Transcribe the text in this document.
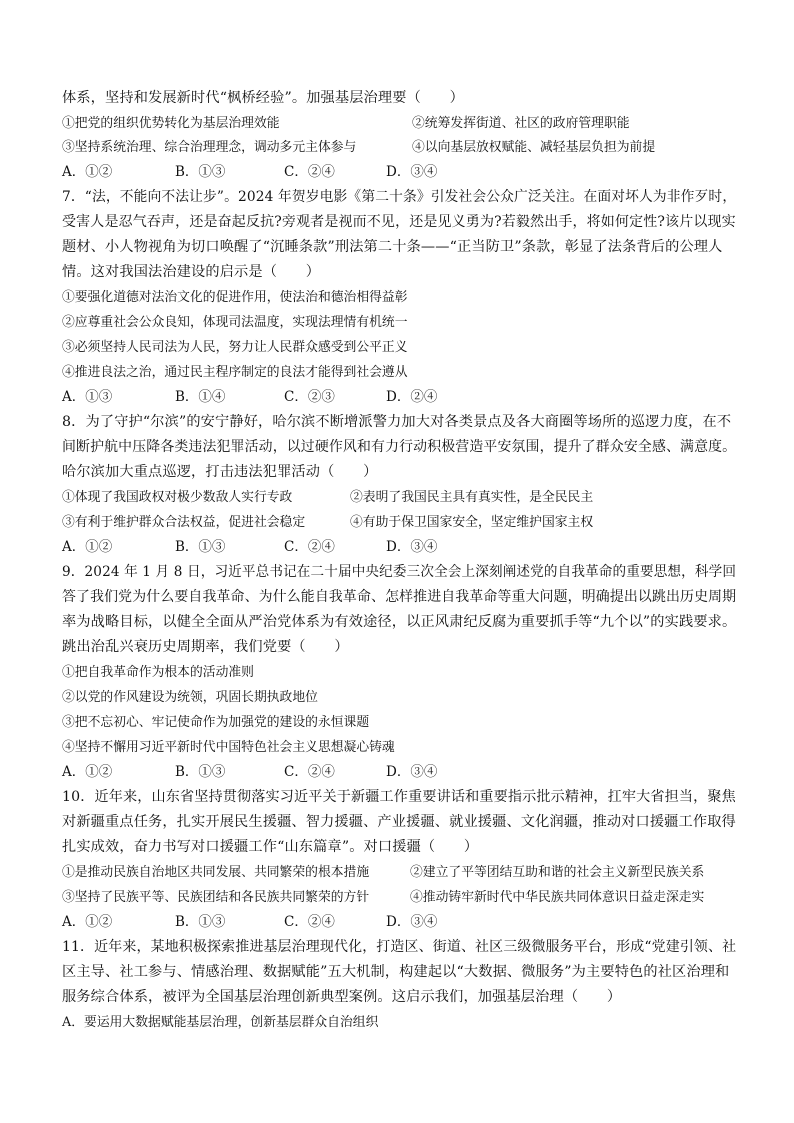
体系，坚持和发展新时代“枫桥经验”。加强基层治理要（　　）
①把党的组织优势转化为基层治理效能	②统筹发挥街道、社区的政府管理职能
③坚持系统治理、综合治理理念，调动多元主体参与	④以向基层放权赋能、减轻基层负担为前提
A．①②	B．①③	C．②④	D．③④
7．“法，不能向不法让步”。2024 年贺岁电影《第二十条》引发社会公众广泛关注。在面对坏人为非作歹时，
受害人是忍气吞声，还是奋起反抗?旁观者是视而不见，还是见义勇为?若毅然出手，将如何定性?该片以现实
题材、小人物视角为切口唤醒了“沉睡条款”刑法第二十条——“正当防卫”条款，彰显了法条背后的公理人
情。这对我国法治建设的启示是（　　）
①要强化道德对法治文化的促进作用，使法治和德治相得益彰
②应尊重社会公众良知，体现司法温度，实现法理情有机统一
③必须坚持人民司法为人民，努力让人民群众感受到公平正义
④推进良法之治，通过民主程序制定的良法才能得到社会遵从
A．①③	B．①④	C．②③	D．②④
8．为了守护“尔滨”的安宁静好，哈尔滨不断增派警力加大对各类景点及各大商圈等场所的巡逻力度，在不
间断护航中压降各类违法犯罪活动，以过硬作风和有力行动积极营造平安氛围，提升了群众安全感、满意度。
哈尔滨加大重点巡逻，打击违法犯罪活动（　　）
①体现了我国政权对极少数敌人实行专政	②表明了我国民主具有真实性，是全民民主
③有利于维护群众合法权益，促进社会稳定	④有助于保卫国家安全，坚定维护国家主权
A．①②	B．①③	C．②④	D．③④
9．2024 年 1 月 8 日，习近平总书记在二十届中央纪委三次全会上深刻阐述党的自我革命的重要思想，科学回
答了我们党为什么要自我革命、为什么能自我革命、怎样推进自我革命等重大问题，明确提出以跳出历史周期
率为战略目标，以健全全面从严治党体系为有效途径，以正风肃纪反腐为重要抓手等“九个以”的实践要求。
跳出治乱兴衰历史周期率，我们党要（　　）
①把自我革命作为根本的活动准则
②以党的作风建设为统领，巩固长期执政地位
③把不忘初心、牢记使命作为加强党的建设的永恒课题
④坚持不懈用习近平新时代中国特色社会主义思想凝心铸魂
A．①②	B．①③	C．②④	D．③④
10．近年来，山东省坚持贯彻落实习近平关于新疆工作重要讲话和重要指示批示精神，扛牢大省担当，聚焦
对新疆重点任务，扎实开展民生援疆、智力援疆、产业援疆、就业援疆、文化润疆，推动对口援疆工作取得
扎实成效，奋力书写对口援疆工作“山东篇章”。对口援疆（　　）
①是推动民族自治地区共同发展、共同繁荣的根本措施	②建立了平等团结互助和谐的社会主义新型民族关系
③坚持了民族平等、民族团结和各民族共同繁荣的方针	④推动铸牢新时代中华民族共同体意识日益走深走实
A．①②	B．①③	C．②④	D．③④
11．近年来，某地积极探索推进基层治理现代化，打造区、街道、社区三级微服务平台，形成“党建引领、社
区主导、社工参与、情感治理、数据赋能”五大机制，构建起以“大数据、微服务”为主要特色的社区治理和
服务综合体系，被评为全国基层治理创新典型案例。这启示我们，加强基层治理（　　）
A．要运用大数据赋能基层治理，创新基层群众自治组织
